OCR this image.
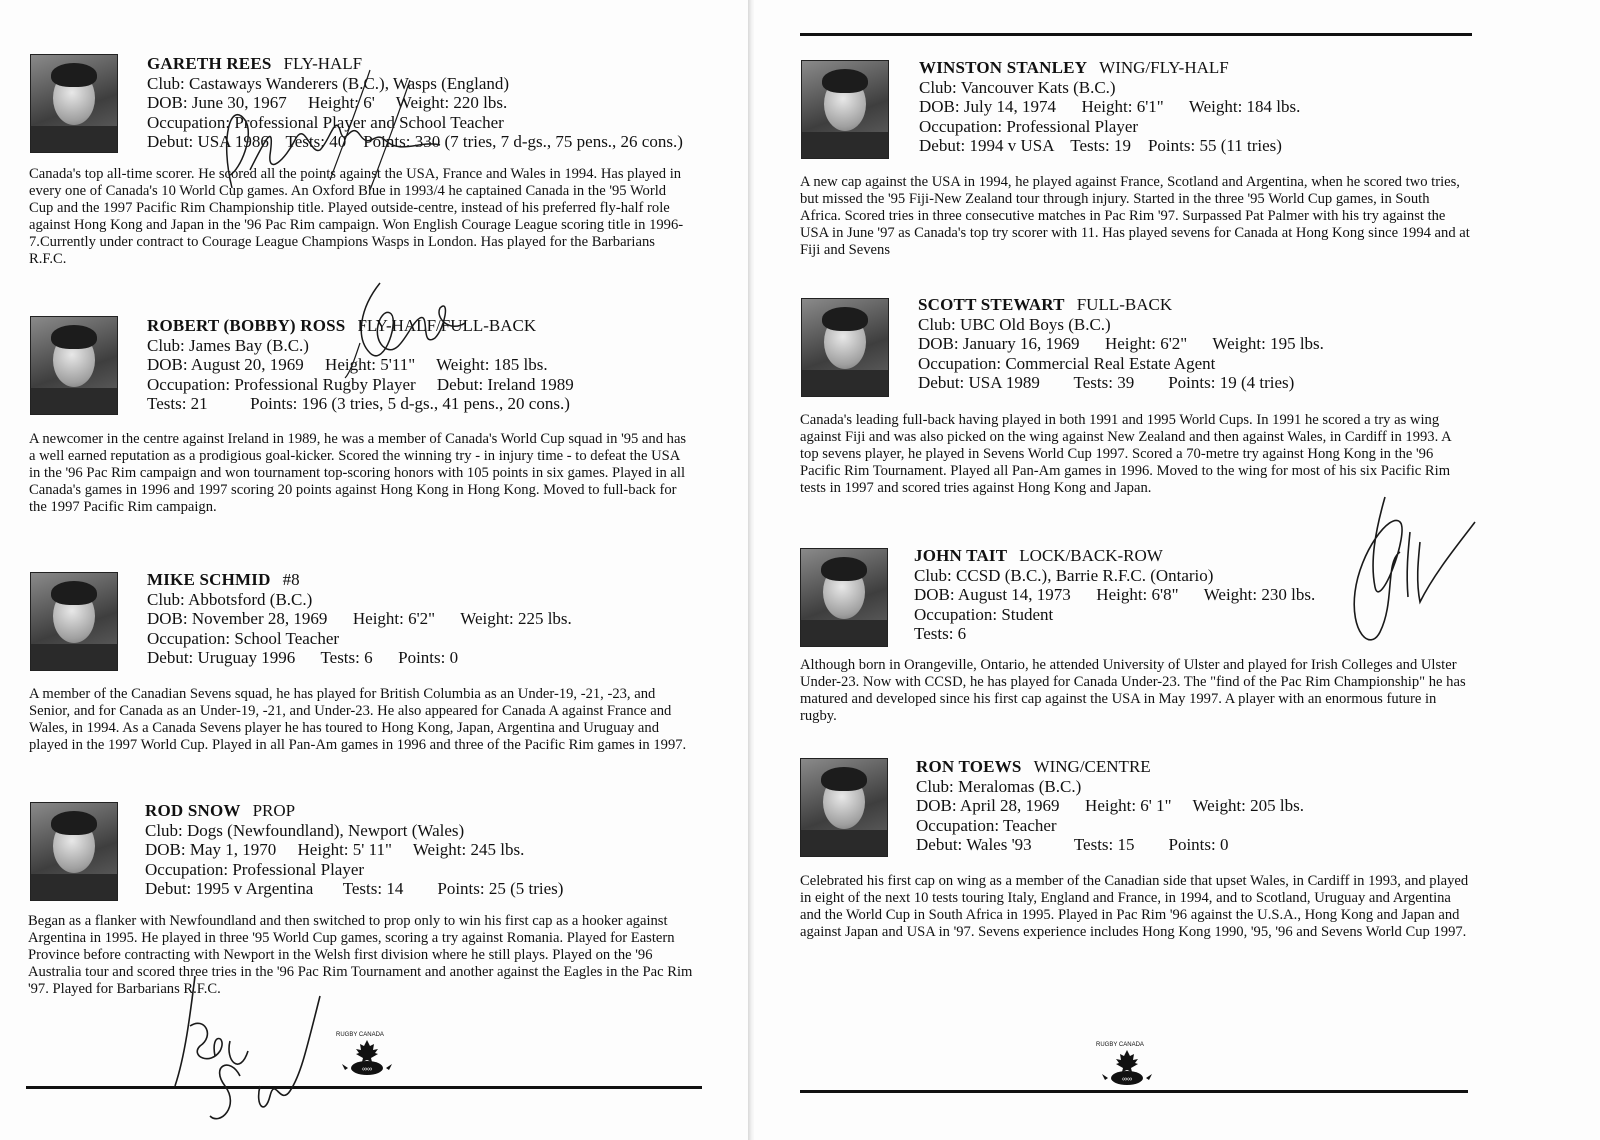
GARETH REES FLY-HALF
Club: Castaways Wanderers (B.C.), Wasps (England)
DOB: June 30, 1967     Height: 6'     Weight: 220 lbs.
Occupation: Professional Player and School Teacher
Debut: USA 1986    Tests: 40    Points: 330 (7 tries, 7 d-gs., 75 pens., 26 cons.)
Canada's top all-time scorer. He scored all the points against the USA, France and Wales in 1994. Has played in every one of Canada's 10 World Cup games. An Oxford Blue in 1993/4 he captained Canada in the '95 World Cup and the 1997 Pacific Rim Championship title. Played outside-centre, instead of his preferred fly-half role against Hong Kong and Japan in the '96 Pac Rim campaign. Won English Courage League scoring title in 1996-7.Currently under contract to Courage League Champions Wasps in London. Has played for the Barbarians R.F.C.
ROBERT (BOBBY) ROSS FLY-HALF/FULL-BACK
Club: James Bay (B.C.)
DOB: August 20, 1969     Height: 5'11"     Weight: 185 lbs.
Occupation: Professional Rugby Player     Debut: Ireland 1989
Tests: 21          Points: 196 (3 tries, 5 d-gs., 41 pens., 20 cons.)
A newcomer in the centre against Ireland in 1989, he was a member of Canada's World Cup squad in '95 and has a well earned reputation as a prodigious goal-kicker. Scored the winning try - in injury time - to defeat the USA in the '96 Pac Rim campaign and won tournament top-scoring honors with 105 points in six games. Played in all Canada's games in 1996 and 1997 scoring 20 points against Hong Kong in Hong Kong. Moved to full-back for the 1997 Pacific Rim campaign.
MIKE SCHMID #8
Club: Abbotsford (B.C.)
DOB: November 28, 1969      Height: 6'2"      Weight: 225 lbs.
Occupation: School Teacher
Debut: Uruguay 1996      Tests: 6      Points: 0
A member of the Canadian Sevens squad, he has played for British Columbia as an Under-19, -21, -23, and Senior, and for Canada as an Under-19, -21, and Under-23. He also appeared for Canada A against France and Wales, in 1994. As a Canada Sevens player he has toured to Hong Kong, Japan, Argentina and Uruguay and played in the 1997 World Cup. Played in all Pan-Am games in 1996 and three of the Pacific Rim games in 1997.
ROD SNOW PROP
Club: Dogs (Newfoundland), Newport (Wales)
DOB: May 1, 1970     Height: 5' 11"     Weight: 245 lbs.
Occupation: Professional Player
Debut: 1995 v Argentina       Tests: 14        Points: 25 (5 tries)
Began as a flanker with Newfoundland and then switched to prop only to win his first cap as a hooker against Argentina in 1995. He played in three '95 World Cup games, scoring a try against Romania. Played for Eastern Province before contracting with Newport in the Welsh first division where he still plays. Played on the '96 Australia tour and scored three tries in the '96 Pac Rim Tournament and another against the Eagles in the Pac Rim '97. Played for Barbarians R.F.C.
RUGBY CANADA
∞∞
WINSTON STANLEY WING/FLY-HALF
Club: Vancouver Kats (B.C.)
DOB: July 14, 1974      Height: 6'1"      Weight: 184 lbs.
Occupation: Professional Player
Debut: 1994 v USA    Tests: 19    Points: 55 (11 tries)
A new cap against the USA in 1994, he played against France, Scotland and Argentina, when he scored two tries, but missed the '95 Fiji-New Zealand tour through injury. Started in the three '95 World Cup games, in South Africa. Scored tries in three consecutive matches in Pac Rim '97. Surpassed Pat Palmer with his try against the USA in June '97 as Canada's top try scorer with 11. Has played sevens for Canada at Hong Kong since 1994 and at Fiji and Sevens
SCOTT STEWART FULL-BACK
Club: UBC Old Boys (B.C.)
DOB: January 16, 1969      Height: 6'2"      Weight: 195 lbs.
Occupation: Commercial Real Estate Agent
Debut: USA 1989        Tests: 39        Points: 19 (4 tries)
Canada's leading full-back having played in both 1991 and 1995 World Cups. In 1991 he scored a try as wing against Fiji and was also picked on the wing against New Zealand and then against Wales, in Cardiff in 1993. A top sevens player, he played in Sevens World Cup 1997. Scored a 70-metre try against Hong Kong in the '96 Pacific Rim Tournament. Played all Pan-Am games in 1996. Moved to the wing for most of his six Pacific Rim tests in 1997 and scored tries against Hong Kong and Japan.
JOHN TAIT LOCK/BACK-ROW
Club: CCSD (B.C.), Barrie R.F.C. (Ontario)
DOB: August 14, 1973      Height: 6'8"      Weight: 230 lbs.
Occupation: Student
Tests: 6
Although born in Orangeville, Ontario, he attended University of Ulster and played for Irish Colleges and Ulster Under-23. Now with CCSD, he has played for Canada Under-23. The "find of the Pac Rim Championship" he has matured and developed since his first cap against the USA in May 1997. A player with an enormous future in rugby.
RON TOEWS WING/CENTRE
Club: Meralomas (B.C.)
DOB: April 28, 1969      Height: 6' 1"     Weight: 205 lbs.
Occupation: Teacher
Debut: Wales '93          Tests: 15        Points: 0
Celebrated his first cap on wing as a member of the Canadian side that upset Wales, in Cardiff in 1993, and played in eight of the next 10 tests touring Italy, England and France, in 1994, and to Scotland, Uruguay and Argentina and the World Cup in South Africa in 1995. Played in Pac Rim '96 against the U.S.A., Hong Kong and Japan and against Japan and USA in '97. Sevens experience includes Hong Kong 1990, '95, '96 and Sevens World Cup 1997.
RUGBY CANADA
∞∞
